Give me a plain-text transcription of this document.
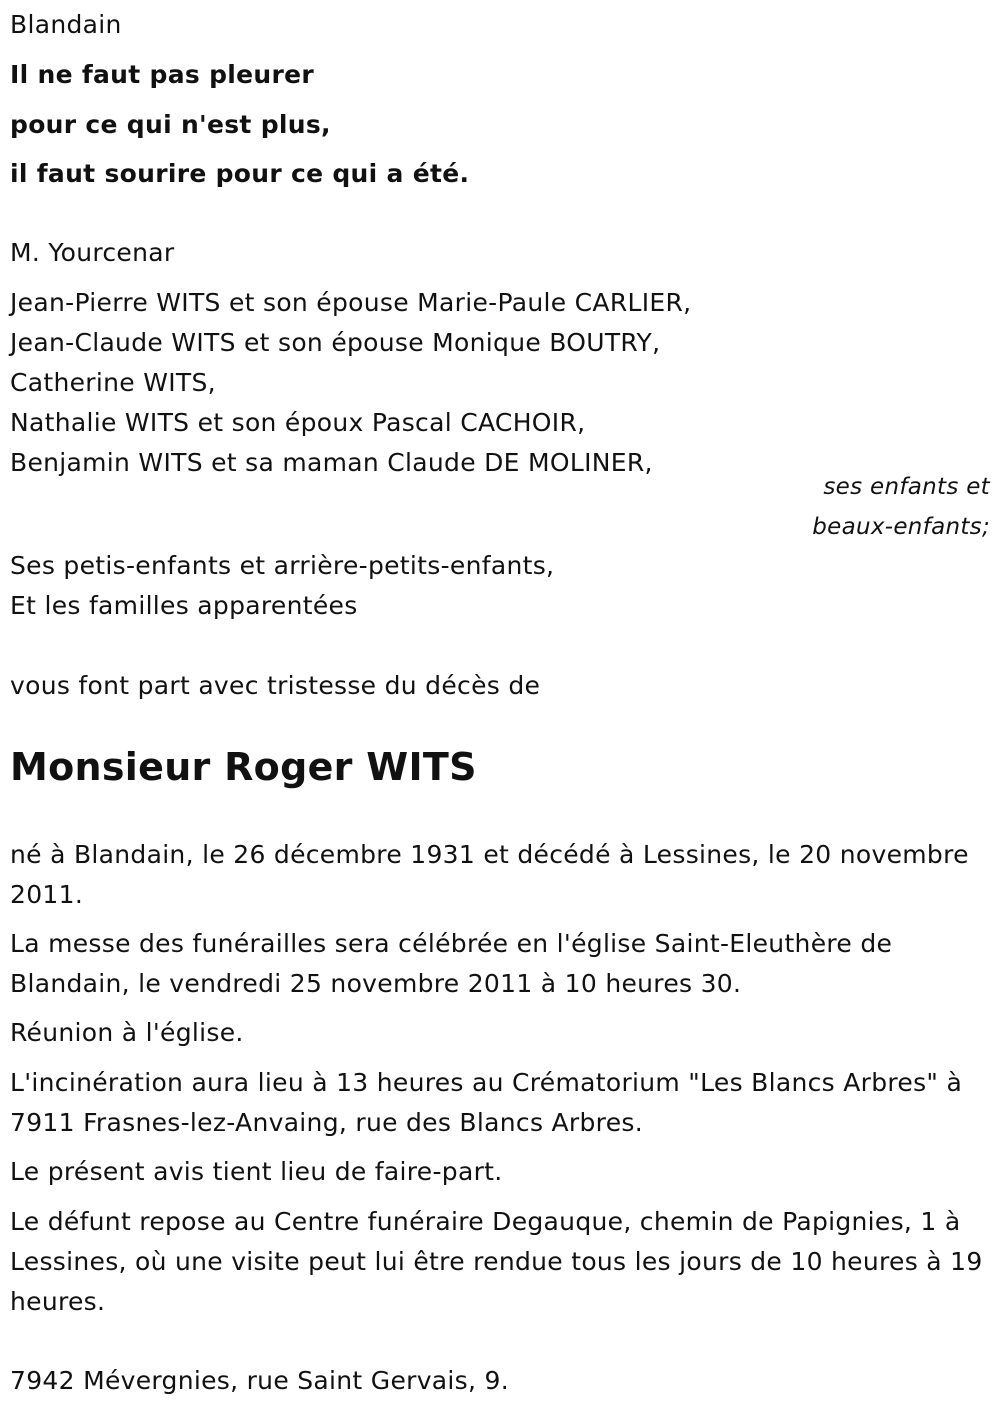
Blandain
Il ne faut pas pleurer
pour ce qui n'est plus,
il faut sourire pour ce qui a été.
M. Yourcenar
Jean-Pierre WITS et son épouse Marie-Paule CARLIER,
Jean-Claude WITS et son épouse Monique BOUTRY,
Catherine WITS,
Nathalie WITS et son époux Pascal CACHOIR,
Benjamin WITS et sa maman Claude DE MOLINER,
ses enfants et
beaux-enfants;
Ses petis-enfants et arrière-petits-enfants,
Et les familles apparentées
vous font part avec tristesse du décès de
Monsieur Roger WITS
né à Blandain, le 26 décembre 1931 et décédé à Lessines, le 20 novembre 2011.
La messe des funérailles sera célébrée en l'église Saint-Eleuthère de Blandain, le vendredi 25 novembre 2011 à 10 heures 30.
Réunion à l'église.
L'incinération aura lieu à 13 heures au Crématorium "Les Blancs Arbres" à 7911 Frasnes-lez-Anvaing, rue des Blancs Arbres.
Le présent avis tient lieu de faire-part.
Le défunt repose au Centre funéraire Degauque, chemin de Papignies, 1 à Lessines, où une visite peut lui être rendue tous les jours de 10 heures à 19 heures.
7942 Mévergnies, rue Saint Gervais, 9.
